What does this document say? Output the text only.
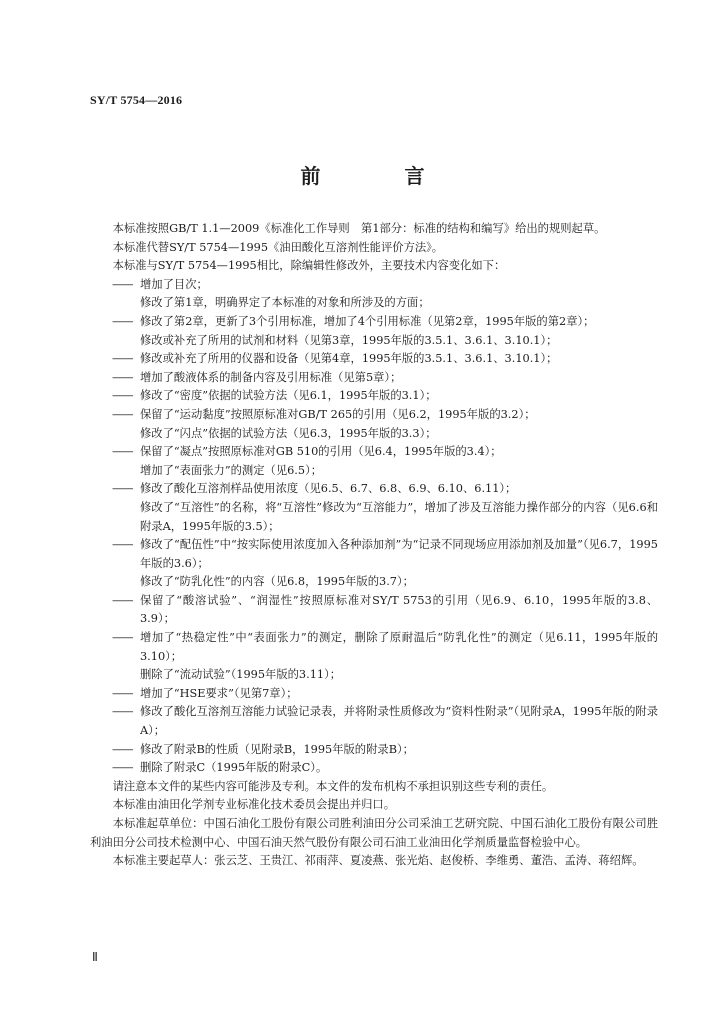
SY/T 5754—2016
前　言

本标准按照GB/T 1.1—2009《标准化工作导则　第1部分：标准的结构和编写》给出的规则起草。

本标准代替SY/T 5754—1995《油田酸化互溶剂性能评价方法》。

本标准与SY/T 5754—1995相比，除编辑性修改外，主要技术内容变化如下：

—— 增加了目次；

修改了第1章，明确界定了本标准的对象和所涉及的方面；

—— 修改了第2章，更新了3个引用标准，增加了4个引用标准（见第2章，1995年版的第2章）；

修改或补充了所用的试剂和材料（见第3章，1995年版的3.5.1、3.6.1、3.10.1）；

—— 修改或补充了所用的仪器和设备（见第4章，1995年版的3.5.1、3.6.1、3.10.1）；

—— 增加了酸液体系的制备内容及引用标准（见第5章）；

—— 修改了“密度”依据的试验方法（见6.1，1995年版的3.1）；

—— 保留了“运动黏度”按照原标准对GB/T 265的引用（见6.2，1995年版的3.2）；

修改了“闪点”依据的试验方法（见6.3，1995年版的3.3）；

—— 保留了“凝点”按照原标准对GB 510的引用（见6.4，1995年版的3.4）；

增加了“表面张力”的测定（见6.5）；

—— 修改了酸化互溶剂样品使用浓度（见6.5、6.7、6.8、6.9、6.10、6.11）；

修改了“互溶性”的名称，将“互溶性”修改为“互溶能力”，增加了涉及互溶能力操作部分的内容（见6.6和附录A，1995年版的3.5）；

—— 修改了“配伍性”中“按实际使用浓度加入各种添加剂”为“记录不同现场应用添加剂及加量”（见6.7，1995年版的3.6）；

修改了“防乳化性”的内容（见6.8，1995年版的3.7）；

—— 保留了“酸溶试验”、“润湿性”按照原标准对SY/T 5753的引用（见6.9、6.10，1995年版的3.8、3.9）；

—— 增加了“热稳定性”中“表面张力”的测定，删除了原耐温后“防乳化性”的测定（见6.11，1995年版的3.10）；

删除了“流动试验”（1995年版的3.11）；

—— 增加了“HSE要求”（见第7章）；

—— 修改了酸化互溶剂互溶能力试验记录表，并将附录性质修改为“资料性附录”（见附录A，1995年版的附录A）；

—— 修改了附录B的性质（见附录B，1995年版的附录B）；

—— 删除了附录C（1995年版的附录C）。

请注意本文件的某些内容可能涉及专利。本文件的发布机构不承担识别这些专利的责任。

本标准由油田化学剂专业标准化技术委员会提出并归口。

本标准起草单位：中国石油化工股份有限公司胜利油田分公司采油工艺研究院、中国石油化工股份有限公司胜利油田分公司技术检测中心、中国石油天然气股份有限公司石油工业油田化学剂质量监督检验中心。

本标准主要起草人：张云芝、王贵江、祁雨萍、夏凌燕、张光焰、赵俊桥、李维勇、董浩、孟涛、蒋绍辉。

Ⅱ
